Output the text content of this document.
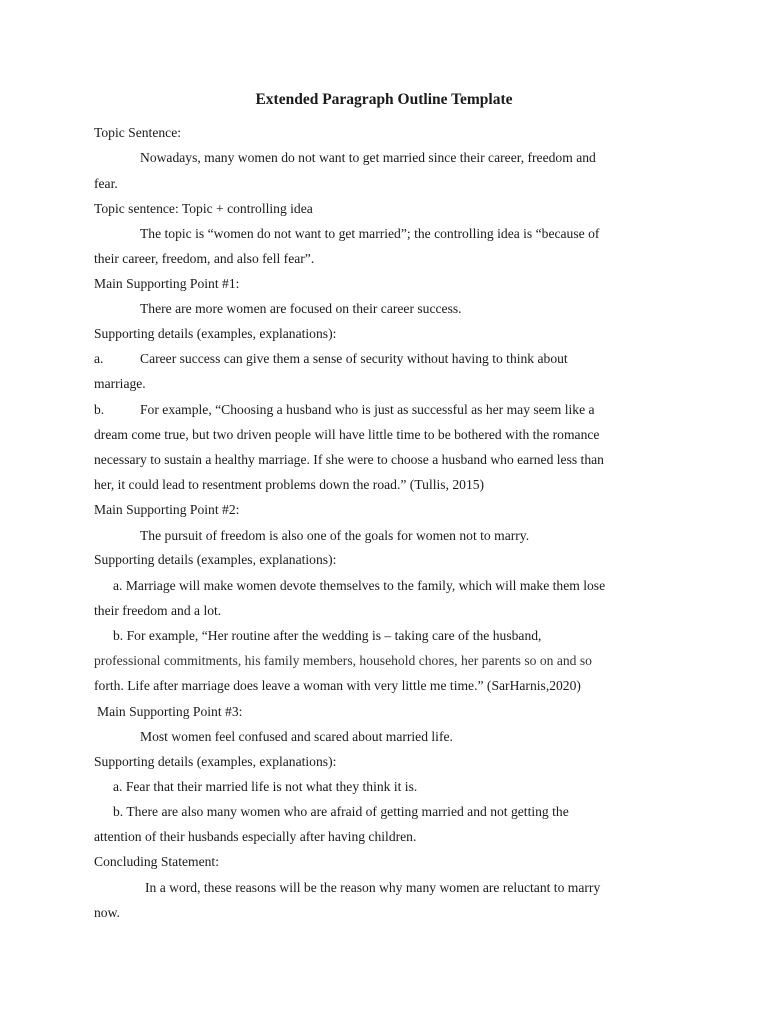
Extended Paragraph Outline Template
Topic Sentence:
Nowadays, many women do not want to get married since their career, freedom and
fear.
Topic sentence: Topic + controlling idea
The topic is “women do not want to get married”; the controlling idea is “because of
their career, freedom, and also fell fear”.
Main Supporting Point #1:
There are more women are focused on their career success.
Supporting details (examples, explanations):
a.	Career success can give them a sense of security without having to think about
marriage.
b.	For example, “Choosing a husband who is just as successful as her may seem like a
dream come true, but two driven people will have little time to be bothered with the romance
necessary to sustain a healthy marriage. If she were to choose a husband who earned less than
her, it could lead to resentment problems down the road.” (Tullis, 2015)
Main Supporting Point #2:
The pursuit of freedom is also one of the goals for women not to marry.
Supporting details (examples, explanations):
a. Marriage will make women devote themselves to the family, which will make them lose
their freedom and a lot.
b. For example, “Her routine after the wedding is – taking care of the husband,
professional commitments, his family members, household chores, her parents so on and so
forth. Life after marriage does leave a woman with very little me time.” (SarHarnis,2020)
Main Supporting Point #3:
Most women feel confused and scared about married life.
Supporting details (examples, explanations):
a. Fear that their married life is not what they think it is.
b. There are also many women who are afraid of getting married and not getting the
attention of their husbands especially after having children.
Concluding Statement:
In a word, these reasons will be the reason why many women are reluctant to marry
now.
